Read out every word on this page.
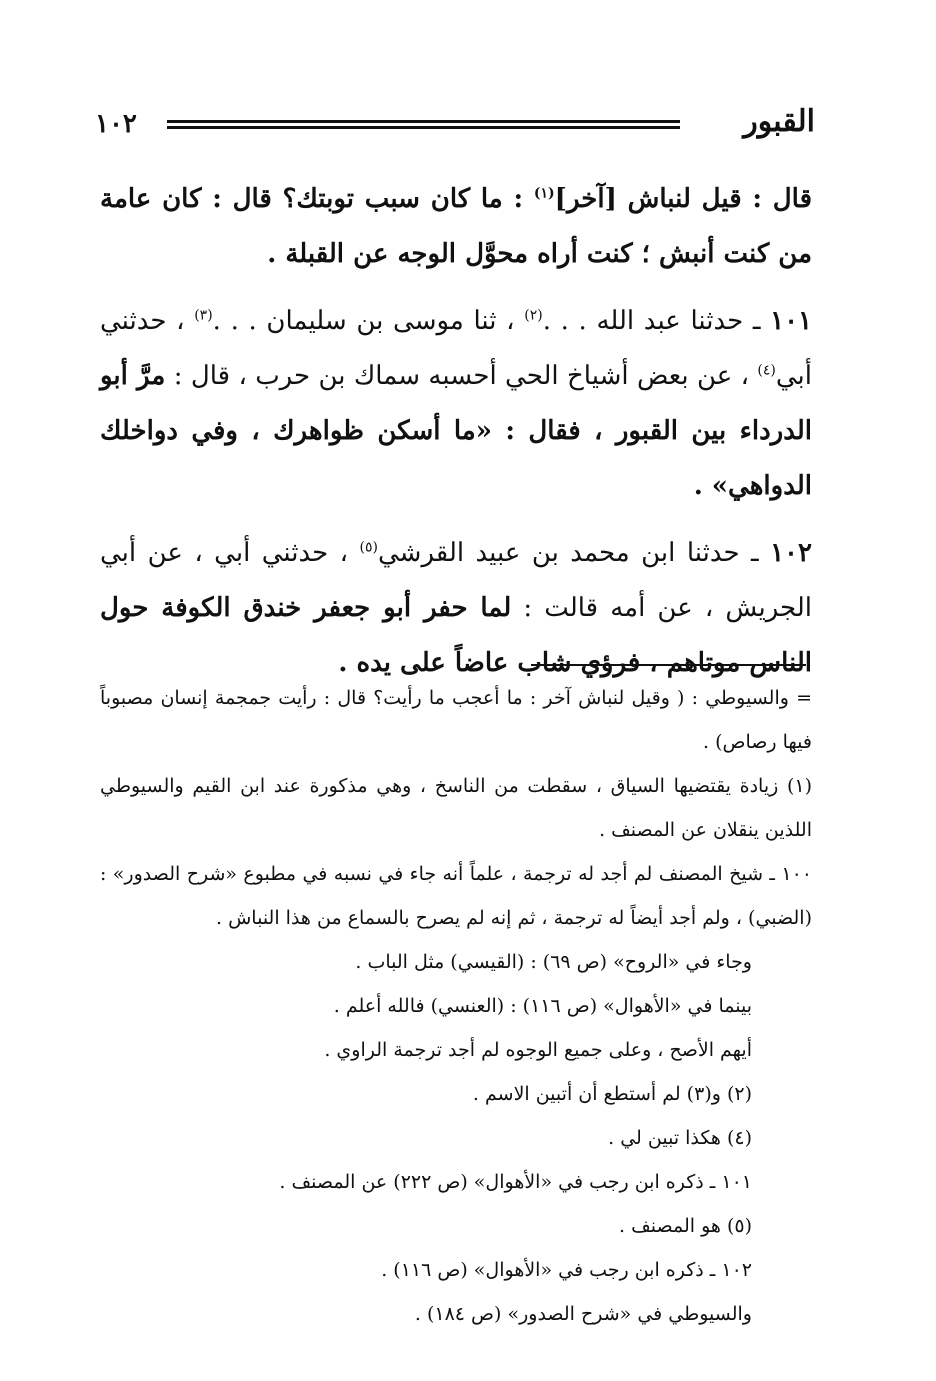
القبور
١٠٢

قال : قيل لنباش [آخر]$^{(١)}$ : ما كان سبب توبتك؟ قال : كان عامة من كنت أنبش ؛ كنت أراه محوَّل الوجه عن القبلة .

١٠١ ـ حدثنا عبد الله . . .$^{(٢)}$ ، ثنا موسى بن سليمان . . .$^{(٣)}$ ، حدثني أبي$^{(٤)}$ ، عن بعض أشياخ الحي أحسبه سماك بن حرب ، قال : مرَّ أبو الدرداء بين القبور ، فقال : «ما أسكن ظواهرك ، وفي دواخلك الدواهي» .

١٠٢ ـ حدثنا ابن محمد بن عبيد القرشي$^{(٥)}$ ، حدثني أبي ، عن أبي الجريش ، عن أمه قالت : لما حفر أبو جعفر خندق الكوفة حول الناس موتاهم ، فرؤي شاب عاضاً على يده .

= والسيوطي : ( وقيل لنباش آخر : ما أعجب ما رأيت؟ قال : رأيت جمجمة إنسان مصبوباً فيها رصاص) .

(١) زيادة يقتضيها السياق ، سقطت من الناسخ ، وهي مذكورة عند ابن القيم والسيوطي اللذين ينقلان عن المصنف .

١٠٠ ـ شيخ المصنف لم أجد له ترجمة ، علماً أنه جاء في نسبه في مطبوع «شرح الصدور» : (الضبي) ، ولم أجد أيضاً له ترجمة ، ثم إنه لم يصرح بالسماع من هذا النباش .

وجاء في «الروح» (ص ٦٩) : (القيسي) مثل الباب .

بينما في «الأهوال» (ص ١١٦) : (العنسي) فالله أعلم .

أيهم الأصح ، وعلى جميع الوجوه لم أجد ترجمة الراوي .

(٢) و(٣) لم أستطع أن أتبين الاسم .

(٤) هكذا تبين لي .

١٠١ ـ ذكره ابن رجب في «الأهوال» (ص ٢٢٢) عن المصنف .

(٥) هو المصنف .

١٠٢ ـ ذكره ابن رجب في «الأهوال» (ص ١١٦) .

والسيوطي في «شرح الصدور» (ص ١٨٤) .
